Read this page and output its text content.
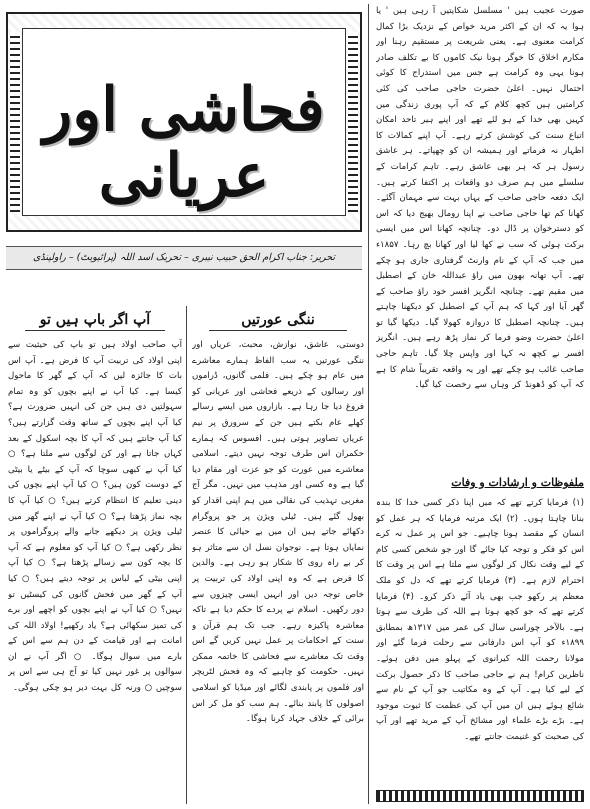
فحاشی اور عریانی
تحریر: جناب اکرام الحق حبیب نیبری – تحریک اسد اللہ (پرائیویٹ) – راولپنڈی
صورت عجیب ہیں ' مسلسل شکایتیں آ رہی ہیں ' یا ہوا یہ کہ ان کے اکثر مرید خواص کے نزدیک بڑا کمال کرامت معنوی ہے۔ یعنی شریعت پر مستقیم رہنا اور مکارم اخلاق کا خوگر ہونا نیک کاموں کا بے تکلف صادر ہونا یہی وہ کرامت ہے جس میں استدراج کا کوئی احتمال نہیں۔ اعلیٰ حضرت حاجی صاحب کی کئی کرامتیں ہیں کچھ کلام کے کہ آپ پوری زندگی میں کہیں بھی خدا کے ہو لئے تھے اور اپنے ہیر تاحد امکان اتباع سنت کی کوشش کرتے رہے۔ آپ اپنے کمالات کا اظہار نہ فرماتے اور ہمیشہ ان کو چھپاتے۔ ہر عاشق رسول ہر کہ ہر بھی عاشق رہے۔ تاہم کرامات کے سلسلے میں ہم صرف دو واقعات پر اکتفا کرتے ہیں۔ ایک دفعہ حاجی صاحب کے یہاں بہت سے مہمان آگئے۔ کھانا کم تھا حاجی صاحب نے اپنا رومال بھیج دیا کہ اس کو دسترخوان پر ڈال دو۔ چنانچہ کھانا اس میں ایسی برکت ہوئی کہ سب نے کھا لیا اور کھانا بچ رہا۔ ۱۸۵۷ء میں جب کہ آپ کے نام وارنٹ گرفتاری جاری ہو چکے تھے۔ آپ تھانہ بھون میں راؤ عبداللہ خان کے اصطبل میں مقیم تھے۔ چنانچہ انگریز افسر خود راؤ صاحب کے گھر آیا اور کہا کہ ہم آپ کے اصطبل کو دیکھنا چاہتے ہیں۔ چنانچہ اصطبل کا دروازہ کھولا گیا۔ دیکھا گیا تو اعلیٰ حضرت وضو فرما کر نماز پڑھ رہے ہیں۔ انگریز افسر نے کچھ نہ کہا اور واپس چلا گیا۔ تاہم حاجی صاحب غائب ہو چکے تھے اور یہ واقعہ تقریباً شام کا ہے کہ آپ کو ڈھونڈ کر وہاں سے رخصت کیا گیا۔
ملفوظات و ارشادات و وفات
(۱) فرمایا کرتے تھے کہ میں اپنا ذکر کسی خدا کا بندہ بنانا چاہتا ہوں۔ (۲) ایک مرتبہ فرمایا کہ ہر عمل کو انسان کے مقصد ہونا چاہیے۔ جو اس پر عمل نہ کرے اس کو فکر و توجہ کیا جائے گا اور جو شخص کسی کام کے لیے وقت نکال کر لوگوں سے ملتا ہے اس پر وقت کا احترام لازم ہے۔ (۳) فرمایا کرتے تھے کہ دل کو ملک معظم پر رکھو جب بھی یاد آئے ذکر کرو۔ (۴) فرمایا کرتے تھے کہ جو کچھ ہوتا ہے اللہ کی طرف سے ہوتا ہے۔ بالآخر چوراسی سال کی عمر میں ۱۳۱۷ھ بمطابق ۱۸۹۹ء کو آپ اس دارفانی سے رحلت فرما گئے اور مولانا رحمت اللہ کیرانوی کے پہلو میں دفن ہوئے۔ ناظرین کرام! ہم نے حاجی صاحب کا ذکر حصول برکت کے لیے کیا ہے۔ آپ کے وہ مکاتیب جو آپ کے نام سے شائع ہوئے ہیں ان میں آپ کی عظمت کا ثبوت موجود ہے۔ بڑے بڑے علماء اور مشائخ آپ کے مرید تھے اور آپ کی صحبت کو غنیمت جانتے تھے۔
ننگی عورتیں
دوستی، عاشق، نوازش، محبت، عریاں اور ننگی عورتیں یہ سب الفاظ ہمارے معاشرے میں عام ہو چکے ہیں۔ فلمی گانوں، ڈراموں اور رسالوں کے ذریعے فحاشی اور عریانی کو فروغ دیا جا رہا ہے۔ بازاروں میں ایسے رسالے کھلے عام بکتے ہیں جن کے سرورق پر نیم عریاں تصاویر ہوتی ہیں۔ افسوس کہ ہمارے حکمران اس طرف توجہ نہیں دیتے۔ اسلامی معاشرے میں عورت کو جو عزت اور مقام دیا گیا ہے وہ کسی اور مذہب میں نہیں۔ مگر آج مغربی تہذیب کی نقالی میں ہم اپنی اقدار کو بھول گئے ہیں۔ ٹیلی ویژن پر جو پروگرام دکھائے جاتے ہیں ان میں بے حیائی کا عنصر نمایاں ہوتا ہے۔ نوجوان نسل ان سے متاثر ہو کر بے راہ روی کا شکار ہو رہی ہے۔ والدین کا فرض ہے کہ وہ اپنی اولاد کی تربیت پر خاص توجہ دیں اور انہیں ایسی چیزوں سے دور رکھیں۔ اسلام نے پردے کا حکم دیا ہے تاکہ معاشرہ پاکیزہ رہے۔ جب تک ہم قرآن و سنت کے احکامات پر عمل نہیں کریں گے اس وقت تک معاشرے سے فحاشی کا خاتمہ ممکن نہیں۔ حکومت کو چاہیے کہ وہ فحش لٹریچر اور فلموں پر پابندی لگائے اور میڈیا کو اسلامی اصولوں کا پابند بنائے۔ ہم سب کو مل کر اس برائی کے خلاف جہاد کرنا ہوگا۔
آپ اگر باپ ہیں تو
آپ صاحب اولاد ہیں تو باپ کی حیثیت سے اپنی اولاد کی تربیت آپ کا فرض ہے۔ آپ اس بات کا جائزہ لیں کہ آپ کے گھر کا ماحول کیسا ہے۔ کیا آپ نے اپنے بچوں کو وہ تمام سہولتیں دی ہیں جن کی انہیں ضرورت ہے؟ کیا آپ اپنے بچوں کے ساتھ وقت گزارتے ہیں؟ کیا آپ جانتے ہیں کہ آپ کا بچہ اسکول کے بعد کہاں جاتا ہے اور کن لوگوں سے ملتا ہے؟ ○ کیا آپ نے کبھی سوچا کہ آپ کے بیٹے یا بیٹی کے دوست کون ہیں؟ ○ کیا آپ اپنے بچوں کی دینی تعلیم کا انتظام کرتے ہیں؟ ○ کیا آپ کا بچہ نماز پڑھتا ہے؟ ○ کیا آپ نے اپنے گھر میں ٹیلی ویژن پر دیکھے جانے والے پروگراموں پر نظر رکھی ہے؟ ○ کیا آپ کو معلوم ہے کہ آپ کا بچہ کون سے رسالے پڑھتا ہے؟ ○ کیا آپ اپنی بیٹی کے لباس پر توجہ دیتے ہیں؟ ○ کیا آپ کے گھر میں فحش گانوں کی کیسٹیں تو نہیں؟ ○ کیا آپ نے اپنے بچوں کو اچھے اور برے کی تمیز سکھائی ہے؟ یاد رکھیے! اولاد اللہ کی امانت ہے اور قیامت کے دن ہم سے اس کے بارے میں سوال ہوگا۔ ○ اگر آپ نے ان سوالوں پر غور نہیں کیا تو آج ہی سے اس پر سوچیں ○ ورنہ کل بہت دیر ہو چکی ہوگی۔
